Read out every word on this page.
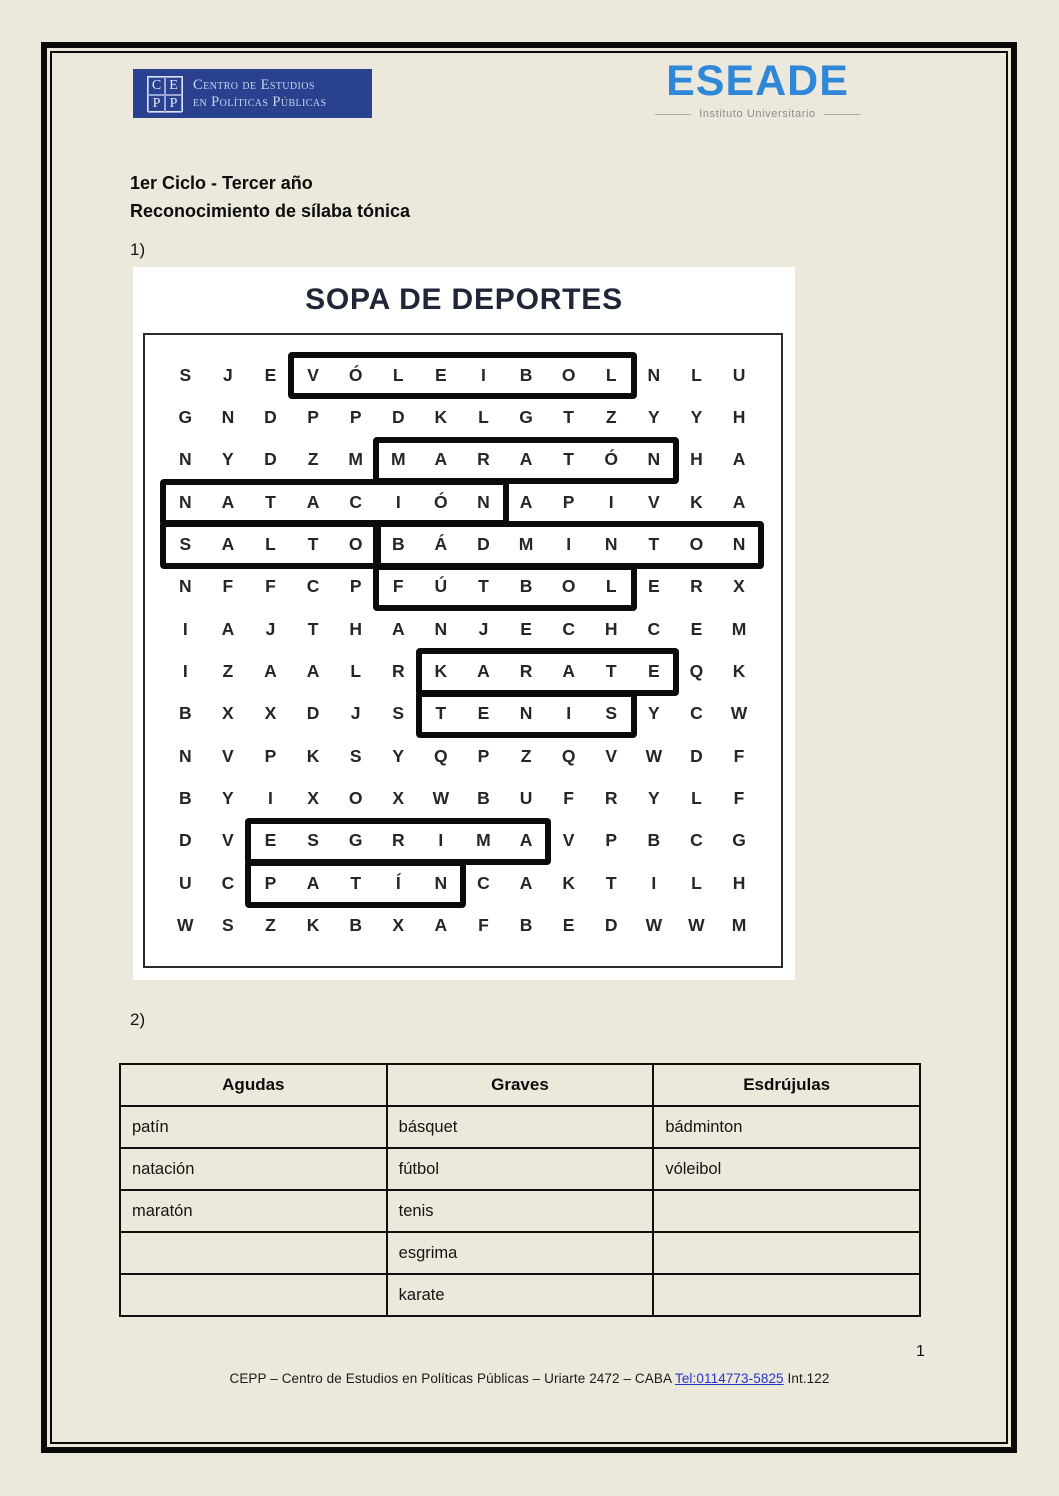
C E
P P
Centro de Estudios
en Políticas Públicas	ESEADE
Instituto Universitario
1er Ciclo - Tercer año
Reconocimiento de sílaba tónica
1)
SOPA DE DEPORTES
S	J	E	V	Ó	L	E	I	B	O	L	N	L	U
G	N	D	P	P	D	K	L	G	T	Z	Y	Y	H
N	Y	D	Z	M	M	A	R	A	T	Ó	N	H	A
N	A	T	A	C	I	Ó	N	A	P	I	V	K	A
S	A	L	T	O	B	Á	D	M	I	N	T	O	N
N	F	F	C	P	F	Ú	T	B	O	L	E	R	X
I	A	J	T	H	A	N	J	E	C	H	C	E	M
I	Z	A	A	L	R	K	A	R	A	T	E	Q	K
B	X	X	D	J	S	T	E	N	I	S	Y	C	W
N	V	P	K	S	Y	Q	P	Z	Q	V	W	D	F
B	Y	I	X	O	X	W	B	U	F	R	Y	L	F
D	V	E	S	G	R	I	M	A	V	P	B	C	G
U	C	P	A	T	Í	N	C	A	K	T	I	L	H
W	S	Z	K	B	X	A	F	B	E	D	W	W	M
2)
Agudas	Graves	Esdrújulas
patín	básquet	bádminton
natación	fútbol	vóleibol
maratón	tenis	
	esgrima	
	karate	
CEPP – Centro de Estudios en Políticas Públicas – Uriarte 2472 – CABA Tel:0114773-5825 Int.122
1
